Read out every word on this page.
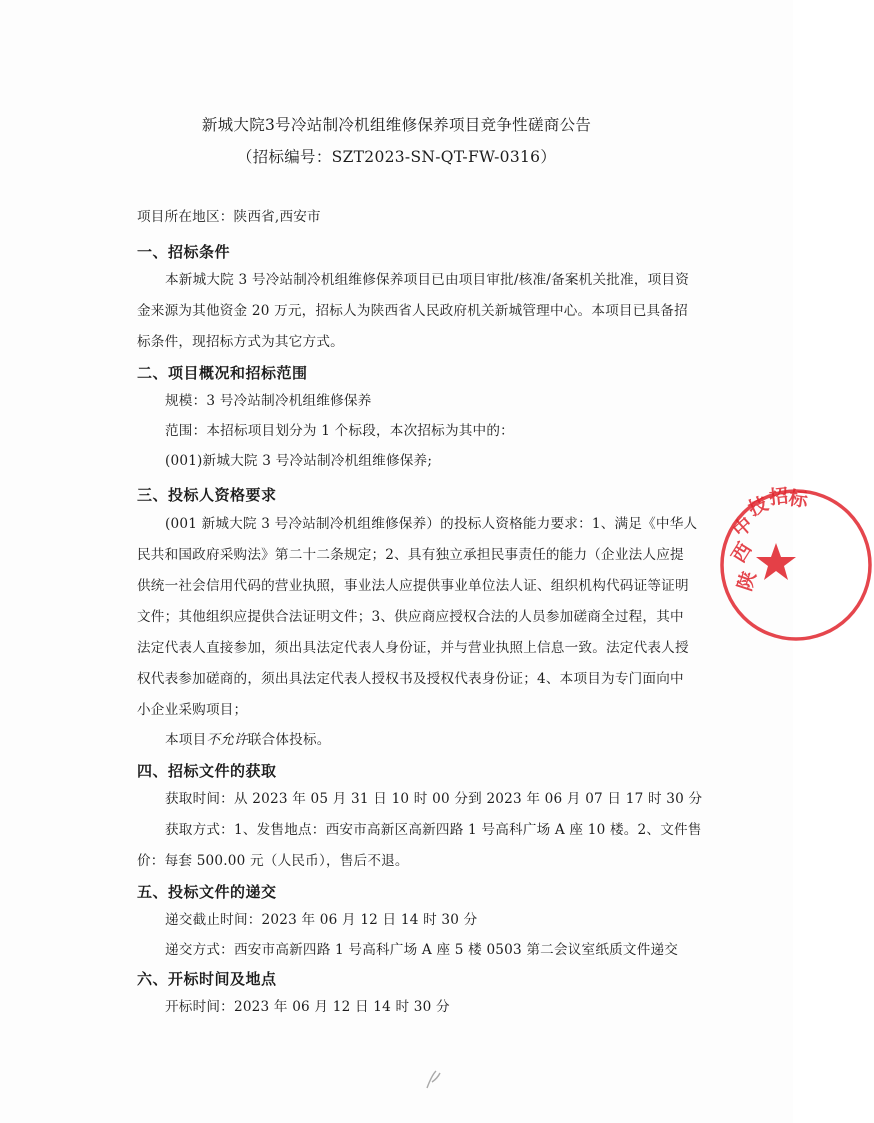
新城大院3号冷站制冷机组维修保养项目竞争性磋商公告
（招标编号：SZT2023-SN-QT-FW-0316）
项目所在地区：陕西省,西安市
一、招标条件
本新城大院 3 号冷站制冷机组维修保养项目已由项目审批/核准/备案机关批准，项目资
金来源为其他资金 20 万元，招标人为陕西省人民政府机关新城管理中心。本项目已具备招
标条件，现招标方式为其它方式。
二、项目概况和招标范围
规模：3 号冷站制冷机组维修保养
范围：本招标项目划分为 1 个标段，本次招标为其中的：
(001)新城大院 3 号冷站制冷机组维修保养;
三、投标人资格要求
(001 新城大院 3 号冷站制冷机组维修保养）的投标人资格能力要求：1、满足《中华人
民共和国政府采购法》第二十二条规定；2、具有独立承担民事责任的能力（企业法人应提
供统一社会信用代码的营业执照，事业法人应提供事业单位法人证、组织机构代码证等证明
文件；其他组织应提供合法证明文件；3、供应商应授权合法的人员参加磋商全过程，其中
法定代表人直接参加，须出具法定代表人身份证，并与营业执照上信息一致。法定代表人授
权代表参加磋商的，须出具法定代表人授权书及授权代表身份证；4、本项目为专门面向中
小企业采购项目；
本项目不允许联合体投标。
四、招标文件的获取
获取时间：从 2023 年 05 月 31 日 10 时 00 分到 2023 年 06 月 07 日 17 时 30 分
获取方式：1、发售地点：西安市高新区高新四路 1 号高科广场 A 座 10 楼。2、文件售
价：每套 500.00 元（人民币），售后不退。
五、投标文件的递交
递交截止时间：2023 年 06 月 12 日 14 时 30 分
递交方式：西安市高新四路 1 号高科广场 A 座 5 楼 0503 第二会议室纸质文件递交
六、开标时间及地点
开标时间：2023 年 06 月 12 日 14 时 30 分
陕
西
中
技
招
标
